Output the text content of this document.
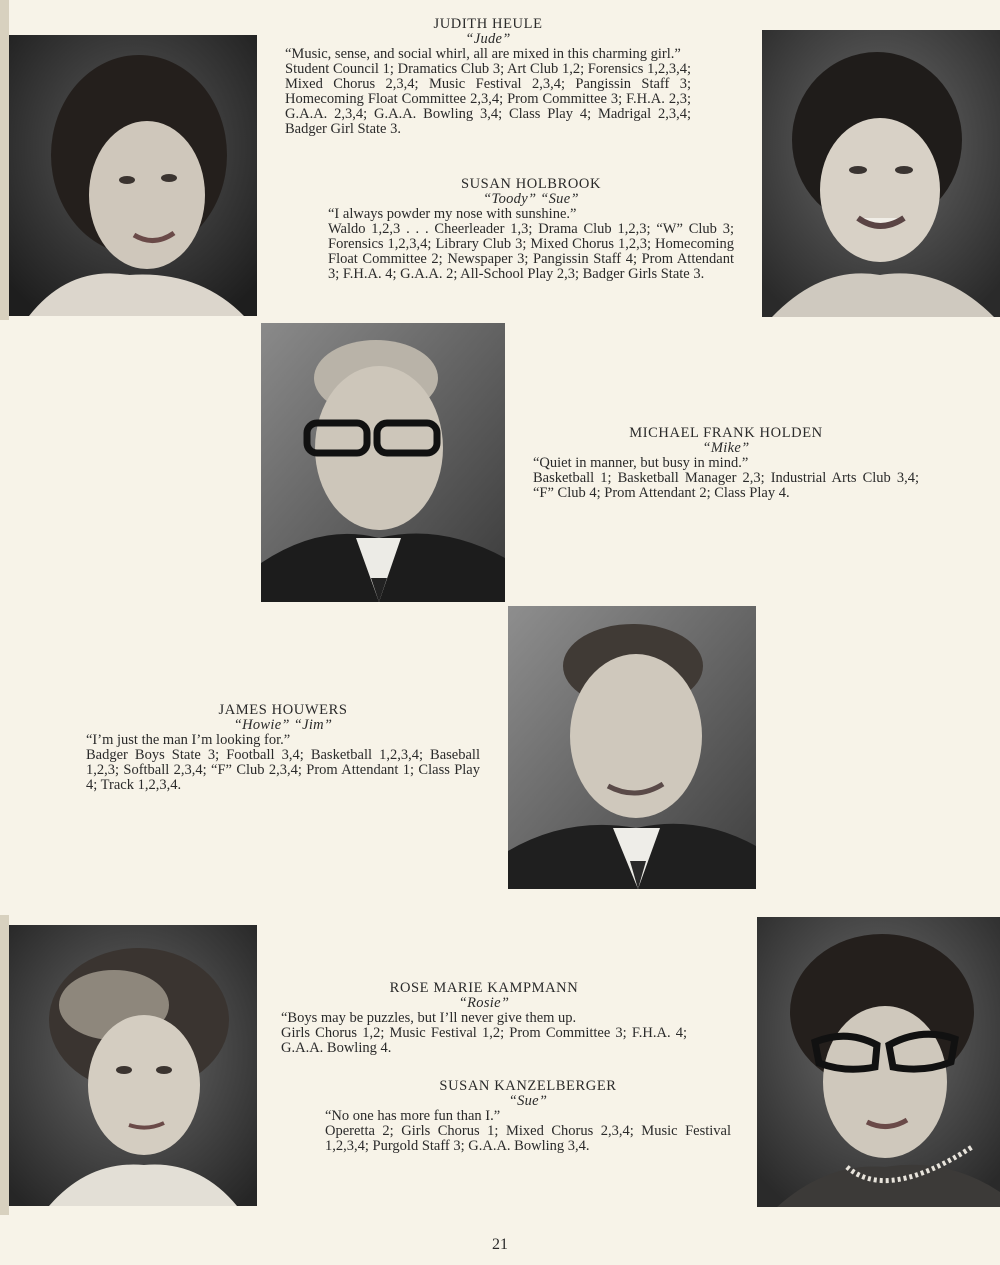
JUDITH HEULE
“Jude”
“Music, sense, and social whirl, all are mixed in this charming girl.”
Student Council 1; Dramatics Club 3; Art Club 1,2; Forensics 1,2,3,4; Mixed Chorus 2,3,4; Music Festival 2,3,4; Pangissin Staff 3; Homecoming Float Committee 2,3,4; Prom Committee 3; F.H.A. 2,3; G.A.A. 2,3,4; G.A.A. Bowling 3,4; Class Play 4; Madrigal 2,3,4; Badger Girl State 3.
SUSAN HOLBROOK
“Toody” “Sue”
“I always powder my nose with sunshine.”
Waldo 1,2,3 . . . Cheerleader 1,3; Drama Club 1,2,3; “W” Club 3; Forensics 1,2,3,4; Library Club 3; Mixed Chorus 1,2,3; Homecoming Float Committee 2; Newspaper 3; Pangissin Staff 4; Prom Attendant 3; F.H.A. 4; G.A.A. 2; All-School Play 2,3; Badger Girls State 3.
MICHAEL FRANK HOLDEN
“Mike”
“Quiet in manner, but busy in mind.”
Basketball 1; Basketball Manager 2,3; Industrial Arts Club 3,4; “F” Club 4; Prom Attendant 2; Class Play 4.
JAMES HOUWERS
“Howie” “Jim”
“I’m just the man I’m looking for.”
Badger Boys State 3; Football 3,4; Basketball 1,2,3,4; Baseball 1,2,3; Softball 2,3,4; “F” Club 2,3,4; Prom Attendant 1; Class Play 4; Track 1,2,3,4.
ROSE MARIE KAMPMANN
“Rosie”
“Boys may be puzzles, but I’ll never give them up.
Girls Chorus 1,2; Music Festival 1,2; Prom Committee 3; F.H.A. 4; G.A.A. Bowling 4.
SUSAN KANZELBERGER
“Sue”
“No one has more fun than I.”
Operetta 2; Girls Chorus 1; Mixed Chorus 2,3,4; Music Festival 1,2,3,4; Purgold Staff 3; G.A.A. Bowling 3,4.
21
